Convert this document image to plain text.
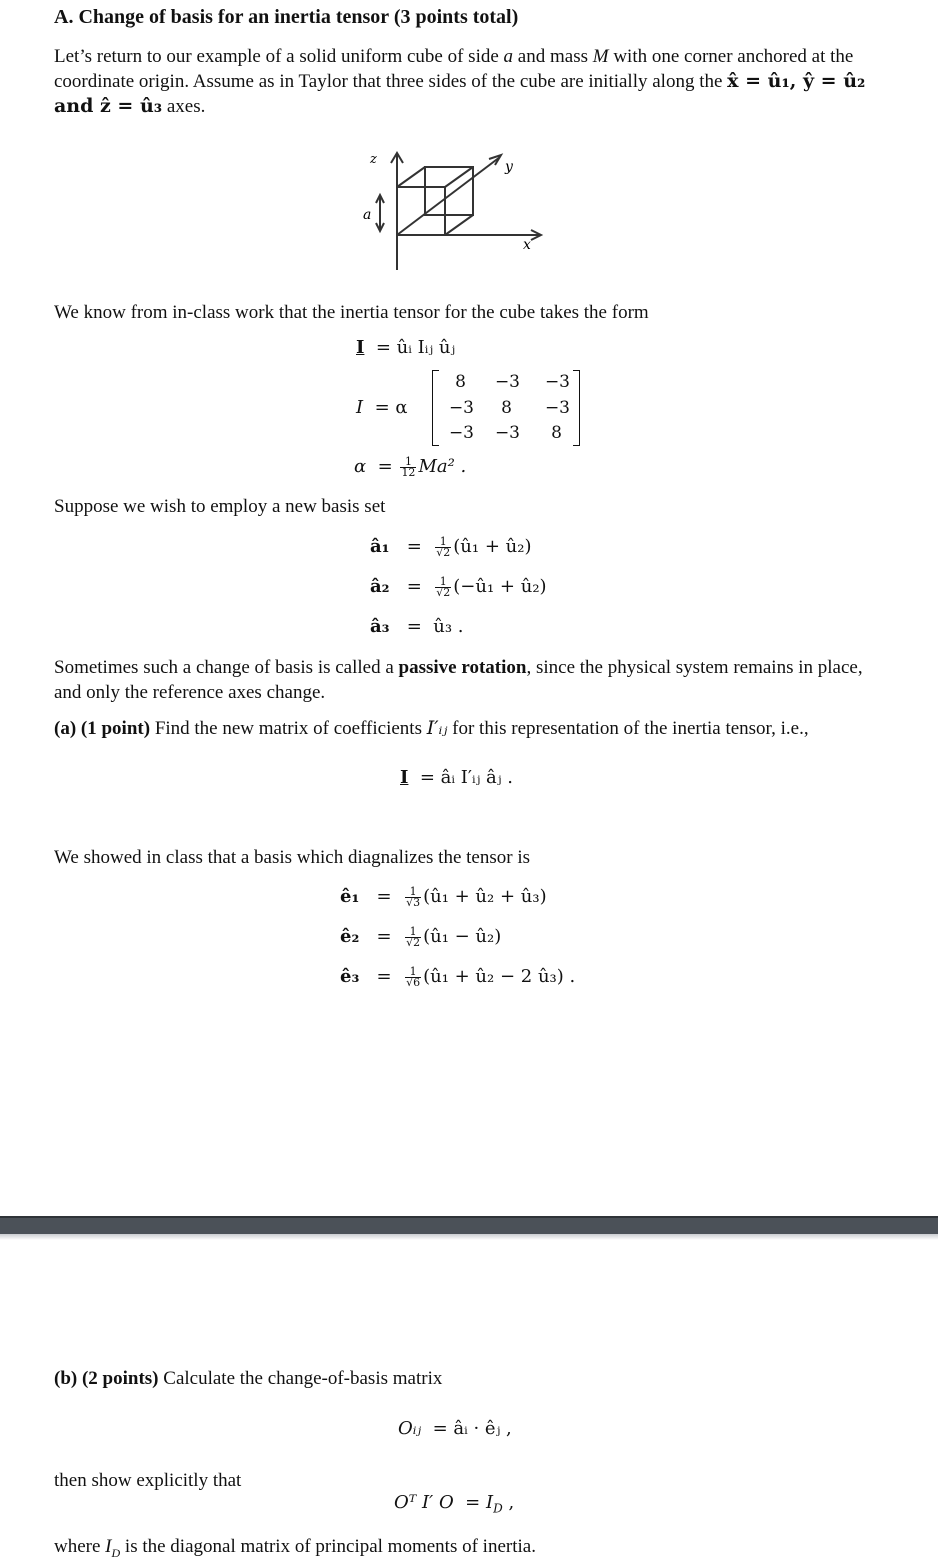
A. Change of basis for an inertia tensor (3 points total)
Let’s return to our example of a solid uniform cube of side a and mass M with one corner anchored at the coordinate origin. Assume as in Taylor that three sides of the cube are initially along the x̂ = û₁, ŷ = û₂ and ẑ = û₃ axes.
z	y
x
a
We know from in-class work that the inertia tensor for the cube takes the form
I = ûᵢ Iᵢⱼ ûⱼ
I = α
8	−3	−3
−3	8	−3
−3	−3	8
$\alpha = \frac{1}{12} Ma^2$ .
Suppose we wish to employ a new basis set
â₁ = $\frac{1}{√2}$ (û₁ + û₂)
â₂ = $\frac{1}{√2}$ (−û₁ + û₂)
â₃ = û₃ .
Sometimes such a change of basis is called a passive rotation, since the physical system remains in place, and only the reference axes change.
(a) (1 point) Find the new matrix of coefficients I′ᵢⱼ for this representation of the inertia tensor, i.e.,
I = âᵢ I′ᵢⱼ âⱼ .
We showed in class that a basis which diagnalizes the tensor is
ê₁ = $\frac{1}{√3}$ (û₁ + û₂ + û₃)
ê₂ = $\frac{1}{√2}$ (û₁ − û₂)
ê₃ = $\frac{1}{√6}$ (û₁ + û₂ − 2 û₃) .
(b) (2 points) Calculate the change-of-basis matrix
Oᵢⱼ = âᵢ · êⱼ ,
then show explicitly that
Oᵀ I′ $O = I_D$ ,
where $I_D$ is the diagonal matrix of principal moments of inertia.
